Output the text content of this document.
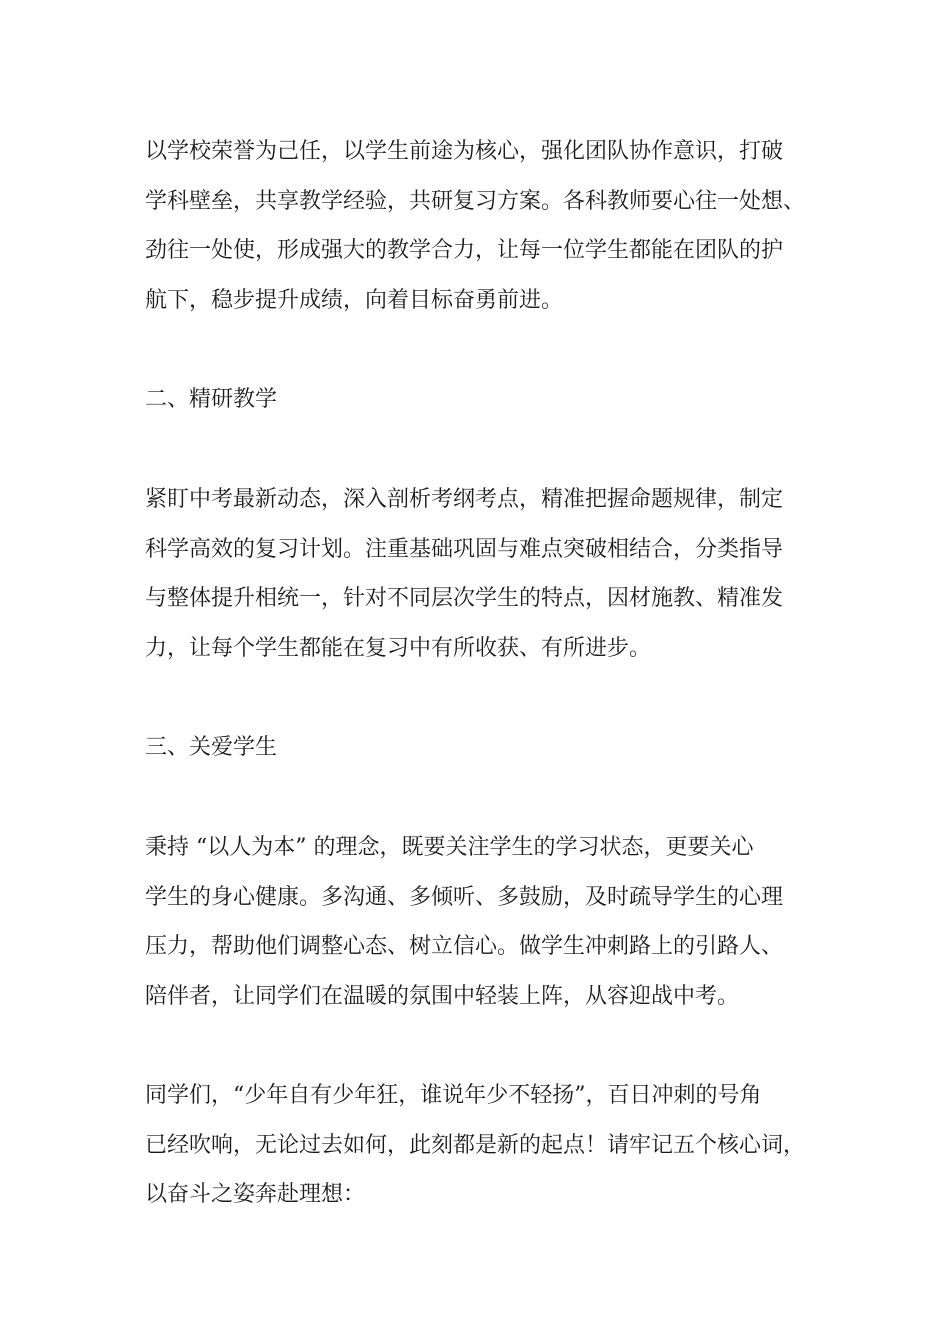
以学校荣誉为己任，以学生前途为核心，强化团队协作意识，打破
学科壁垒，共享教学经验，共研复习方案。各科教师要心往一处想、
劲往一处使，形成强大的教学合力，让每一位学生都能在团队的护
航下，稳步提升成绩，向着目标奋勇前进。
二、精研教学
紧盯中考最新动态，深入剖析考纲考点，精准把握命题规律，制定
科学高效的复习计划。注重基础巩固与难点突破相结合，分类指导
与整体提升相统一，针对不同层次学生的特点，因材施教、精准发
力，让每个学生都能在复习中有所收获、有所进步。
三、关爱学生
秉持 “以人为本” 的理念，既要关注学生的学习状态，更要关心
学生的身心健康。多沟通、多倾听、多鼓励，及时疏导学生的心理
压力，帮助他们调整心态、树立信心。做学生冲刺路上的引路人、
陪伴者，让同学们在温暖的氛围中轻装上阵，从容迎战中考。
同学们，“少年自有少年狂，谁说年少不轻扬”，百日冲刺的号角
已经吹响，无论过去如何，此刻都是新的起点！请牢记五个核心词，
以奋斗之姿奔赴理想：
